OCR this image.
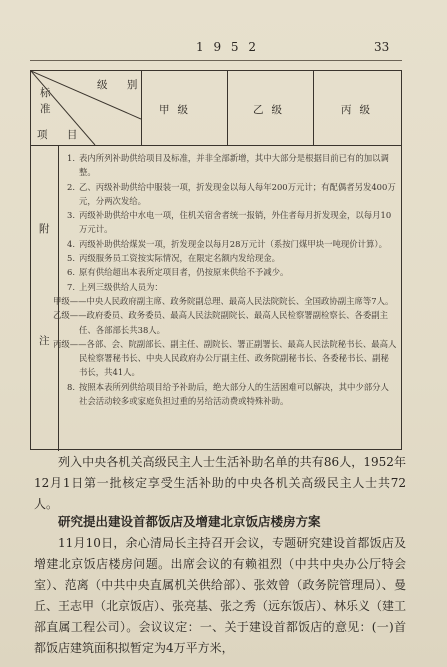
1 9 5 2	33
级 别
标 准
项 目
甲级	乙级	丙级
附
注
1. 表内所列补助供给项目及标准，并非全部新增，其中大部分是根据目前已有的加以调整。
2. 乙、丙级补助供给中服装一项，折发现金以每人每年200万元计；有配偶者另发400万元，分两次发给。
3. 丙级补助供给中水电一项，住机关宿舍者统一报销，外住者每月折发现金，以每月10万元计。
4. 丙级补助供给煤炭一项，折发现金以每月28万元计（系按门煤甲块一吨现价计算）。
5. 丙级服务员工资按实际情况，在限定名额内发给现金。
6. 原有供给超出本表所定项目者，仍按原来供给不予减少。
7. 上列三级供给人员为：
甲级——中央人民政府副主席、政务院副总理、最高人民法院院长、全国政协副主席等7人。
乙级——政府委员、政务委员、最高人民法院副院长、最高人民检察署副检察长、各委副主任、各部部长共38人。
丙级——各部、会、院副部长、副主任、副院长、署正副署长、最高人民法院秘书长、最高人民检察署秘书长、中央人民政府办公厅副主任、政务院副秘书长、各委秘书长、副秘书长，共41人。
8. 按照本表所列供给项目给予补助后，绝大部分人的生活困难可以解决，其中少部分人社会活动较多或家庭负担过重的另给活动费或特殊补助。
列入中央各机关高级民主人士生活补助名单的共有86人，1952年12月1日第一批核定享受生活补助的中央各机关高级民主人士共72人。
研究提出建设首都饭店及增建北京饭店楼房方案
11月10日，余心清局长主持召开会议，专题研究建设首都饭店及增建北京饭店楼房问题。出席会议的有赖祖烈（中共中央办公厅特会室）、范离（中共中央直属机关供给部）、张效曾（政务院管理局）、曼丘、王志甲（北京饭店）、张亮基、张之秀（远东饭店）、林乐义（建工部直属工程公司）。会议议定：一、关于建设首都饭店的意见：(一)首都饭店建筑面积拟暂定为4万平方米，
